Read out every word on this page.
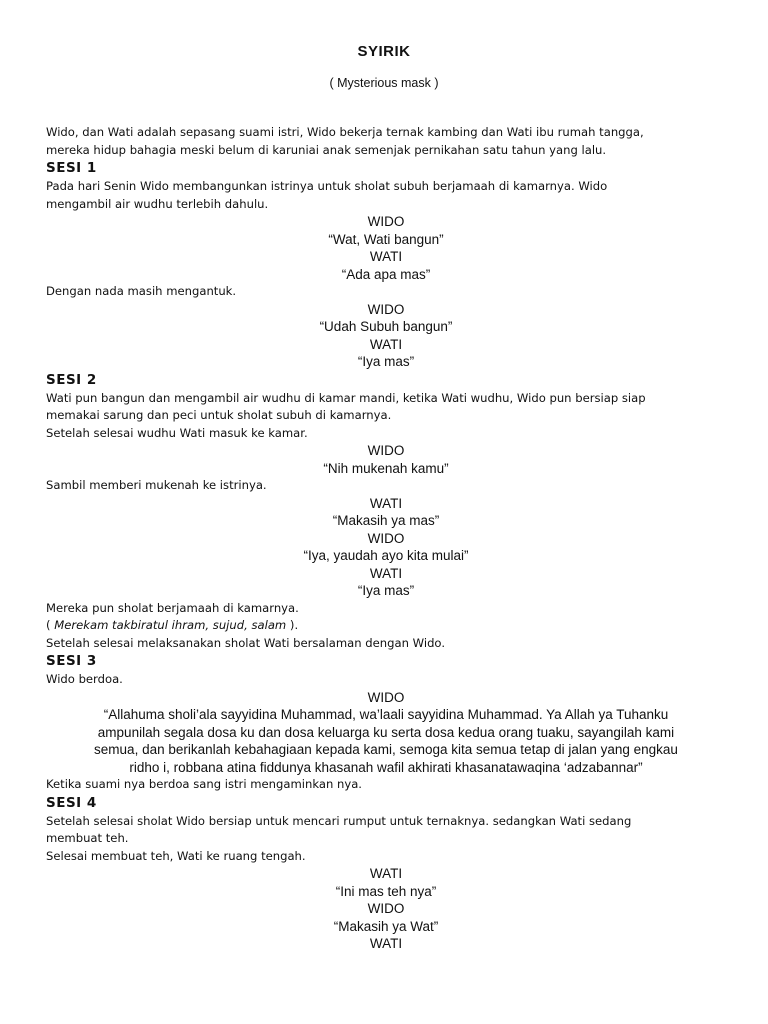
SYIRIK
( Mysterious mask )

Wido, dan Wati adalah sepasang suami istri, Wido bekerja ternak kambing dan Wati ibu rumah tangga,

mereka hidup bahagia meski belum di karuniai anak semenjak pernikahan satu tahun yang lalu.

SESI 1

Pada hari Senin Wido membangunkan istrinya untuk sholat subuh berjamaah di kamarnya. Wido

mengambil air wudhu terlebih dahulu.

WIDO

“Wat, Wati bangun”

WATI

“Ada apa mas”

Dengan nada masih mengantuk.

WIDO

“Udah Subuh bangun”

WATI

“Iya mas”

SESI 2

Wati pun bangun dan mengambil air wudhu di kamar mandi, ketika Wati wudhu, Wido pun bersiap siap

memakai sarung dan peci untuk sholat subuh di kamarnya.

Setelah selesai wudhu Wati masuk ke kamar.

WIDO

“Nih mukenah kamu”

Sambil memberi mukenah ke istrinya.

WATI

“Makasih ya mas”

WIDO

“Iya, yaudah ayo kita mulai”

WATI

“Iya mas”

Mereka pun sholat berjamaah di kamarnya.

( Merekam takbiratul ihram, sujud, salam ).

Setelah selesai melaksanakan sholat Wati bersalaman dengan Wido.

SESI 3

Wido berdoa.

WIDO

“Allahuma sholi’ala sayyidina Muhammad, wa’laali sayyidina Muhammad. Ya Allah ya Tuhanku

ampunilah segala dosa ku dan dosa keluarga ku serta dosa kedua orang tuaku, sayangilah kami

semua, dan berikanlah kebahagiaan kepada kami, semoga kita semua tetap di jalan yang engkau

ridho i, robbana atina fiddunya khasanah wafil akhirati khasanatawaqina ‘adzabannar”

Ketika suami nya berdoa sang istri mengaminkan nya.

SESI 4

Setelah selesai sholat Wido bersiap untuk mencari rumput untuk ternaknya. sedangkan Wati sedang

membuat teh.

Selesai membuat teh, Wati ke ruang tengah.

WATI

“Ini mas teh nya”

WIDO

“Makasih ya Wat”

WATI
